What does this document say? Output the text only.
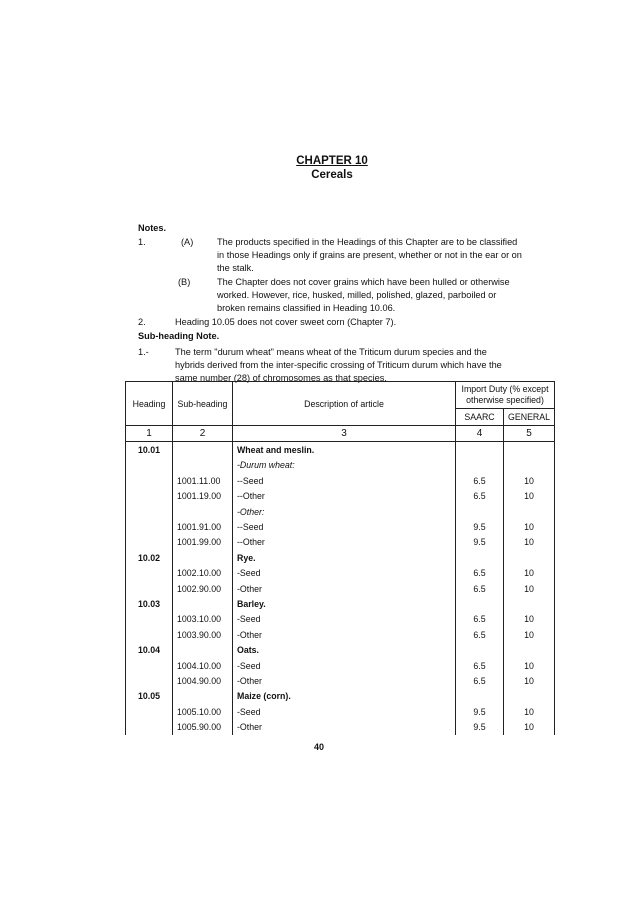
CHAPTER 10
Cereals
Notes.
1.	(A)	The products specified in the Headings of this Chapter are to be classified
in those Headings only if grains are present, whether or not in the ear or on
the stalk.
(B)	The Chapter does not cover grains which have been hulled or otherwise
worked. However, rice, husked, milled, polished, glazed, parboiled or
broken remains classified in Heading 10.06.
2.	Heading 10.05 does not cover sweet corn (Chapter 7).
Sub-heading Note.
1.-	The term "durum wheat" means wheat of the Triticum durum species and the
hybrids derived from the inter-specific crossing of Triticum durum which have the
same number (28) of chromosomes as that species.
Heading	Sub-heading	Description of article	Import Duty (% except otherwise specified)	
			SAARC	GENERAL
1	2	3	4	5
10.01		Wheat and meslin.		
		-Durum wheat:		
	1001.11.00	--Seed	6.5	10
	1001.19.00	--Other	6.5	10
		-Other:		
	1001.91.00	--Seed	9.5	10
	1001.99.00	--Other	9.5	10
10.02		Rye.		
	1002.10.00	-Seed	6.5	10
	1002.90.00	-Other	6.5	10
10.03		Barley.		
	1003.10.00	-Seed	6.5	10
	1003.90.00	-Other	6.5	10
10.04		Oats.		
	1004.10.00	-Seed	6.5	10
	1004.90.00	-Other	6.5	10
10.05		Maize (corn).		
	1005.10.00	-Seed	9.5	10
	1005.90.00	-Other	9.5	10
40
